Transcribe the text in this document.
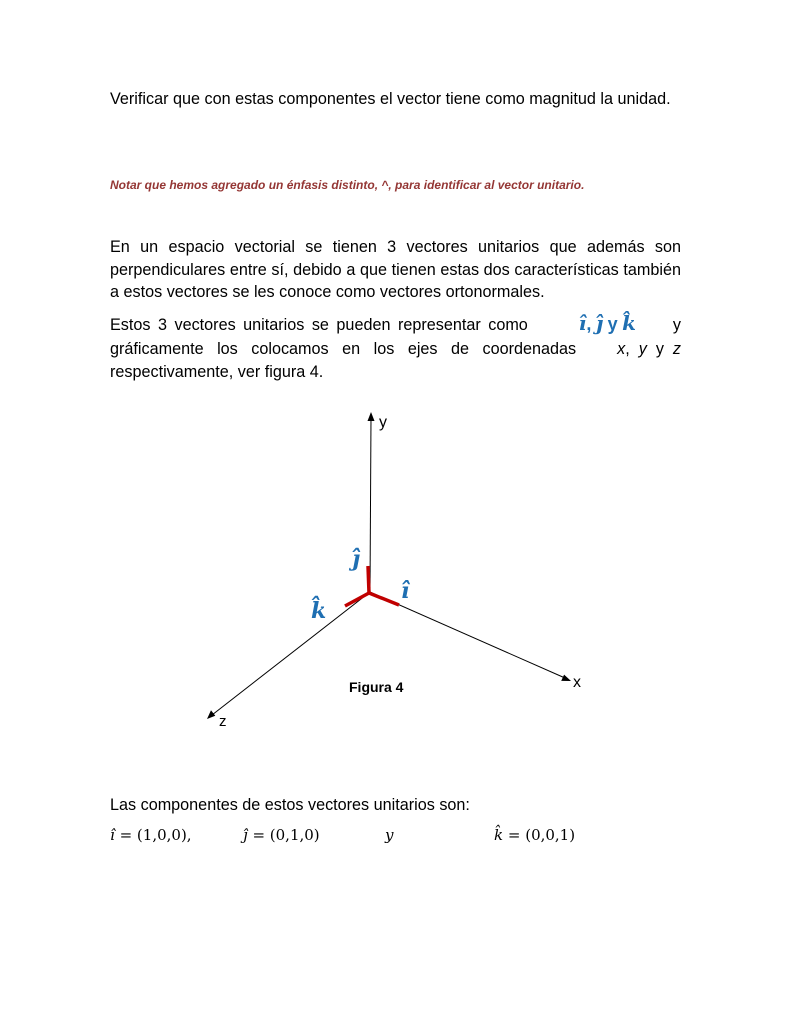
Verificar que con estas componentes el vector tiene como magnitud la unidad.

Notar que hemos agregado un énfasis distinto, ^, para identificar al vector unitario.

En un espacio vectorial se tienen 3 vectores unitarios que además son perpendiculares entre sí, debido a que tienen estas dos características también a estos vectores se les conoce como vectores ortonormales.

Estos 3 vectores unitarios se pueden representar como	î, ĵ y k̂ y
gráficamente los colocamos en los ejes de coordenadas	x, y y z
respectivamente, ver figura 4.
y
x
z
ĵ
î
k̂
Figura 4
Las componentes de estos vectores unitarios son:
ı̂ = (1,0,0),	ȷ̂ = (0,1,0)	y	k̂ = (0,0,1)
